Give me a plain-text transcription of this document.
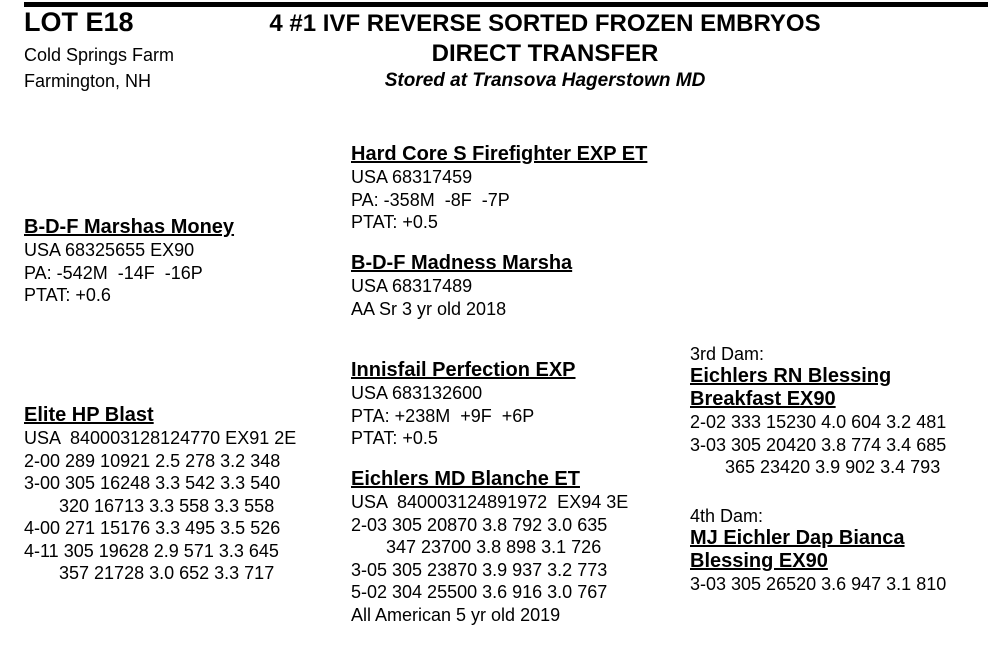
LOT E18
Cold Springs Farm
Farmington, NH
4 #1 IVF REVERSE SORTED FROZEN EMBRYOS
DIRECT TRANSFER
Stored at Transova Hagerstown MD
Hard Core S Firefighter EXP ET
USA 68317459
PA: -358M  -8F  -7P
PTAT: +0.5
B-D-F Marshas Money
USA 68325655 EX90
PA: -542M  -14F  -16P
PTAT: +0.6
B-D-F Madness Marsha
USA 68317489
AA Sr 3 yr old 2018
Innisfail Perfection EXP
USA 683132600
PTA: +238M  +9F  +6P
PTAT: +0.5
Elite HP Blast
USA  840003128124770 EX91 2E
2-00 289 10921 2.5 278 3.2 348
3-00 305 16248 3.3 542 3.3 540
320 16713 3.3 558 3.3 558
4-00 271 15176 3.3 495 3.5 526
4-11 305 19628 2.9 571 3.3 645
357 21728 3.0 652 3.3 717
Eichlers MD Blanche ET
USA  840003124891972  EX94 3E
2-03 305 20870 3.8 792 3.0 635
347 23700 3.8 898 3.1 726
3-05 305 23870 3.9 937 3.2 773
5-02 304 25500 3.6 916 3.0 767
All American 5 yr old 2019
3rd Dam:
Eichlers RN Blessing
Breakfast EX90
2-02 333 15230 4.0 604 3.2 481
3-03 305 20420 3.8 774 3.4 685
365 23420 3.9 902 3.4 793
4th Dam:
MJ Eichler Dap Bianca
Blessing EX90
3-03 305 26520 3.6 947 3.1 810
